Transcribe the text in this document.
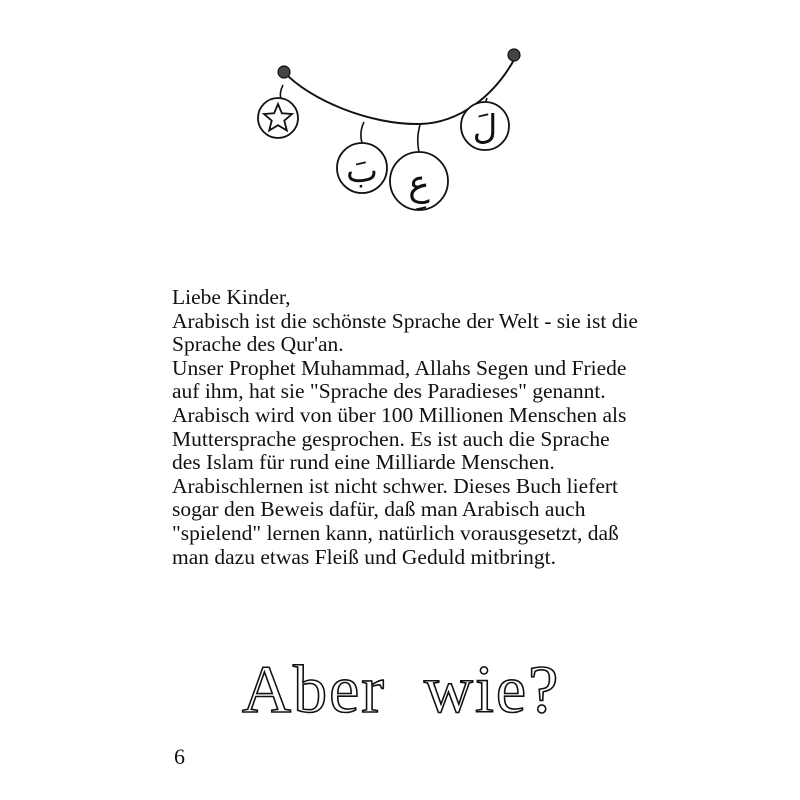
بَ عِ
لَ

Liebe Kinder,

Arabisch ist die schönste Sprache der Welt - sie ist die Sprache des Qur'an.

Unser Prophet Muhammad, Allahs Segen und Friede auf ihm, hat sie "Sprache des Paradieses" genannt.

Arabisch wird von über 100 Millionen Menschen als Muttersprache gesprochen. Es ist auch die Sprache des Islam für rund eine Milliarde Menschen.

Arabischlernen ist nicht schwer. Dieses Buch liefert sogar den Beweis dafür, daß man Arabisch auch "spielend" lernen kann, natürlich vorausgesetzt, daß man dazu etwas Fleiß und Geduld mitbringt.

Aber  wie?
6
